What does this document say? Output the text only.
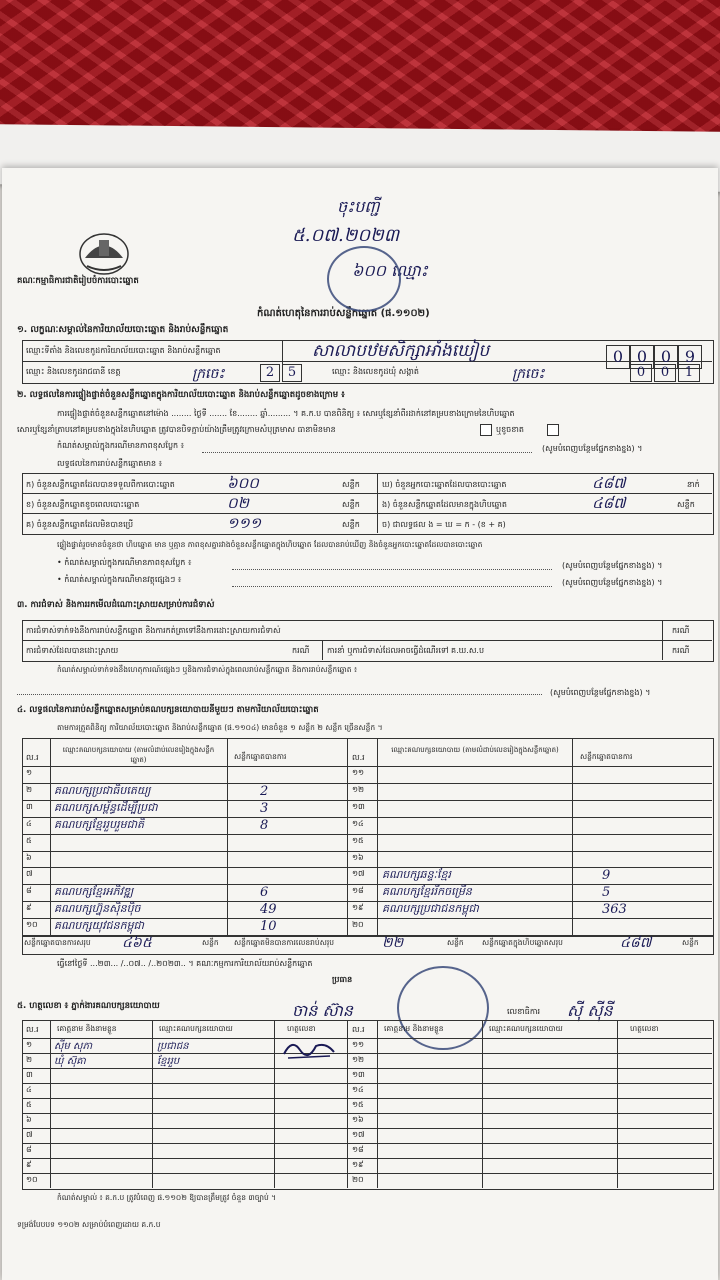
គណៈកម្មាធិការជាតិរៀបចំការបោះឆ្នោត
កំណត់ហេតុនៃការរាប់សន្លឹកឆ្នោត (ផ.១១០២)
ចុះបញ្ជី
៥.០៧.២០២៣
៦០០ ឈ្មោះ
១. លក្ខណៈសម្គាល់នៃការិយាល័យបោះឆ្នោត និងរាប់សន្លឹកឆ្នោត
ឈ្មោះទីតាំង និងលេខកូដការិយាល័យបោះឆ្នោត និងរាប់សន្លឹកឆ្នោត	សាលាបឋមសិក្សាអាំងឃៀប
ឈ្មោះ និងលេខកូដរាជធានី ខេត្ត	ក្រចេះ	ឈ្មោះ និងលេខកូដឃុំ សង្កាត់	ក្រចេះ
0 0 0 9
2	5	0	0	1
២. លទ្ធផលនៃការផ្ទៀងផ្ទាត់ចំនួនសន្លឹកឆ្នោតក្នុងការិយាល័យបោះឆ្នោត និងរាប់សន្លឹកឆ្នោតដូចខាងក្រោម ៖
ការផ្ទៀងផ្ទាត់ចំនួនសន្លឹកឆ្នោតនៅម៉ោង ........ ថ្ងៃទី ....... ខែ........ ឆ្នាំ......... ។ គ.ក.ប បានពិនិត្យ ៖ សោរឬខ្សែនាំពីរដាក់នៅគម្របខាងក្រោមនៃហិបឆ្នោត
សោរឬខ្សែនាំត្រាបនៅគម្របខាងក្នុងនៃហិបឆ្នោត ត្រូវបានបិទភ្ជាប់យ៉ាងត្រឹមត្រូវក្រោមសំបុត្រមាស ធានាមិនមាន	ឬខូចខាត
កំណត់សម្គាល់ក្នុងករណីមានភាពខុសប្លែក ៖	(សូមបំពេញបន្ថែមផ្នែកខាងខ្នង) ។
លទ្ធផលនៃការរាប់សន្លឹកឆ្នោតមាន ៖
ក) ចំនួនសន្លឹកឆ្នោតដែលបានទទួលពីការបោះឆ្នោត	៦០០	សន្លឹក	ឃ) ចំនួនអ្នកបោះឆ្នោតដែលបានបោះឆ្នោត	៤៨៧	នាក់
ខ) ចំនួនសន្លឹកឆ្នោតខូចពេលបោះឆ្នោត	០២	សន្លឹក	ង) ចំនួនសន្លឹកឆ្នោតដែលមានក្នុងហិបឆ្នោត	៤៨៧	សន្លឹក
គ) ចំនួនសន្លឹកឆ្នោតដែលមិនបានប្រើ	១១១	សន្លឹក	ច) ជាលទ្ធផល ង = ឃ = ក - (ខ + គ)
ផ្ទៀងផ្ទាត់រួចមានចំនួនថា ហិបឆ្នោត មាន ឬគ្មាន ភាពខុសគ្នារវាងចំនួនសន្លឹកឆ្នោតក្នុងហិបឆ្នោត ដែលបានរាប់ឃើញ និងចំនួនអ្នកបោះឆ្នោតដែលបានបោះឆ្នោត
• កំណត់សម្គាល់ក្នុងករណីមានភាពខុសប្លែក ៖	(សូមបំពេញបន្ថែមផ្នែកខាងខ្នង) ។
• កំណត់សម្គាល់ក្នុងករណីមានវត្ថុផ្សេងៗ ៖	(សូមបំពេញបន្ថែមផ្នែកខាងខ្នង) ។
៣. ការជំទាស់ និងការរកមើលដំណោះស្រាយសម្រាប់ការជំទាស់
ការជំទាស់ទាក់ទងនឹងការរាប់សន្លឹកឆ្នោត និងការកត់ត្រាទៅនឹងការដោះស្រាយការជំទាស់	ករណី
ការជំទាស់ដែលបានដោះស្រាយ	ករណី ការនាំ ឬការជំទាស់ដែលអាចធ្វើដំណើរទៅ គ.ឃ.ស.ប	ករណី
កំណត់សម្គាល់ទាក់ទងនឹងហេតុការណ៍ផ្សេងៗ ឬនិងការជំទាស់ក្នុងពេលរាប់សន្លឹកឆ្នោត និងការរាប់សន្លឹកឆ្នោត ៖
(សូមបំពេញបន្ថែមផ្នែកខាងខ្នង) ។
៤. លទ្ធផលនៃការរាប់សន្លឹកឆ្នោតសម្រាប់គណបក្សនយោបាយនីមួយៗ តាមការិយាល័យបោះឆ្នោត
តាមការត្រួតពិនិត្យ ការិយាល័យបោះឆ្នោត និងរាប់សន្លឹកឆ្នោត (ផ.១១០៤) មានចំនួន ១ សន្លឹក ២ សន្លឹក ច្រើនសន្លឹក ។
ល.រ
ឈ្មោះគណបក្សនយោបាយ (តាមលំដាប់លេខរៀងក្នុងសន្លឹកឆ្នោត)	សន្លឹកឆ្នោតបានការ	ល.រ
ឈ្មោះគណបក្សនយោបាយ (តាមលំដាប់លេខរៀងក្នុងសន្លឹកឆ្នោត)
សន្លឹកឆ្នោតបានការ
១	១១
២ គណបក្សប្រជាធិបតេយ្យ	2	១២
៣ គណបក្សសម្ព័ន្ធដើម្បីប្រជា	3	១៣
៤ គណបក្សខ្មែររួបរួមជាតិ	8	១៤
៥	១៥
៦	១៦
៧	១៧ គណបក្សឆន្ទៈខ្មែរ	9
៨ គណបក្សខ្មែរអភិវឌ្ឍ	6	១៨ គណបក្សខ្មែររីកចម្រើន	5
៩ គណបក្សហ្វ៊ុនស៊ិនប៉ិច	49	១៩ គណបក្សប្រជាជនកម្ពុជា	363
១០ គណបក្សយុវជនកម្ពុជា	10	២០
សន្លឹកឆ្នោតបានការសរុប ៤៦៥	សន្លឹក សន្លឹកឆ្នោតមិនបានការលេខរាប់សរុប	២២	សន្លឹក សន្លឹកឆ្នោតក្នុងហិបឆ្នោតសរុប	៤៨៧	សន្លឹក
ធ្វើនៅថ្ងៃទី ...២៣... /..០៧.. /..២០២៣.. ។ គណៈកម្មការការិយាល័យរាប់សន្លឹកឆ្នោត
ប្រធាន
លេខាធិការ
ចាន់ ស៊ាន	ស៊ី ស៊ីនី
៥. ហត្ថលេខា ៖ ភ្នាក់ងារគណបក្សនយោបាយ
ល.រ គោត្តនាម និងនាមខ្លួន	ឈ្មោះគណបក្សនយោបាយ	ហត្ថលេខា	ល.រ	គោត្តនាម និងនាមខ្លួន	ឈ្មោះគណបក្សនយោបាយ	ហត្ថលេខា
១ ស៊ីម សុភា	ប្រជាជន	១១
២ ឃុំ ស៊ុគា	ខ្មែររួប	១២
៣	១៣
៤	១៤
៥	១៥
៦	១៦
៧	១៧
៨	១៨
៩	១៩
១០	២០
កំណត់សម្គាល់ ៖ គ.ក.ប ត្រូវបំពេញ ផ.១១០២ ឱ្យបានត្រឹមត្រូវ ចំនួន ៣ច្បាប់ ។
ទម្រង់បែបបទ ១១០២ សម្រាប់បំពេញដោយ គ.ក.ប
